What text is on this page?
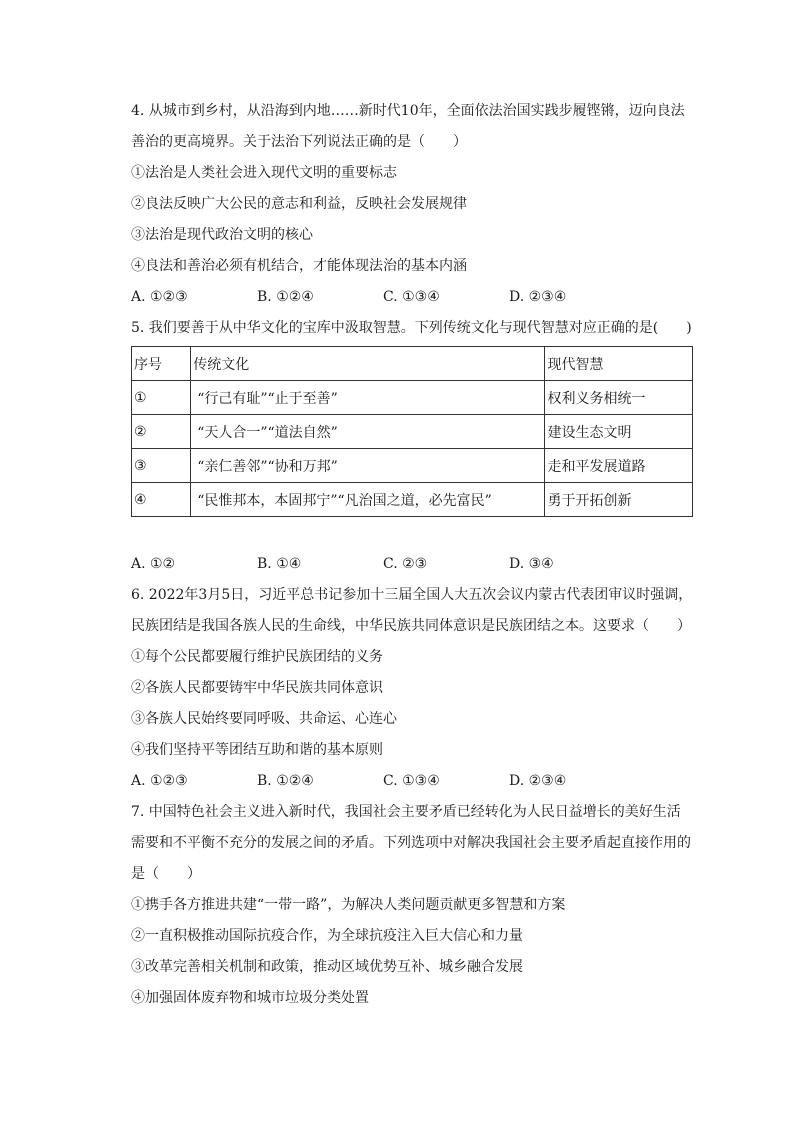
4. 从城市到乡村，从沿海到内地……新时代10年，全面依法治国实践步履铿锵，迈向良法
善治的更高境界。关于法治下列说法正确的是（　　）
①法治是人类社会进入现代文明的重要标志
②良法反映广大公民的意志和利益，反映社会发展规律
③法治是现代政治文明的核心
④良法和善治必须有机结合，才能体现法治的基本内涵
A. ①②③	B. ①②④	C. ①③④	D. ②③④
5. 我们要善于从中华文化的宝库中汲取智慧。下列传统文化与现代智慧对应正确的是(　　)
序号	传统文化	现代智慧
①	“行己有耻”“止于至善”	权利义务相统一
②	“天人合一”“道法自然”	建设生态文明
③	“亲仁善邻”“协和万邦”	走和平发展道路
④	“民惟邦本，本固邦宁”“凡治国之道，必先富民”	勇于开拓创新
A. ①②	B. ①④	C. ②③	D. ③④
6. 2022年3月5日，习近平总书记参加十三届全国人大五次会议内蒙古代表团审议时强调，
民族团结是我国各族人民的生命线，中华民族共同体意识是民族团结之本。这要求（　　）
①每个公民都要履行维护民族团结的义务
②各族人民都要铸牢中华民族共同体意识
③各族人民始终要同呼吸、共命运、心连心
④我们坚持平等团结互助和谐的基本原则
A. ①②③	B. ①②④	C. ①③④	D. ②③④
7. 中国特色社会主义进入新时代，我国社会主要矛盾已经转化为人民日益增长的美好生活
需要和不平衡不充分的发展之间的矛盾。下列选项中对解决我国社会主要矛盾起直接作用的
是（　　）
①携手各方推进共建“一带一路”，为解决人类问题贡献更多智慧和方案
②一直积极推动国际抗疫合作，为全球抗疫注入巨大信心和力量
③改革完善相关机制和政策，推动区域优势互补、城乡融合发展
④加强固体废弃物和城市垃圾分类处置
